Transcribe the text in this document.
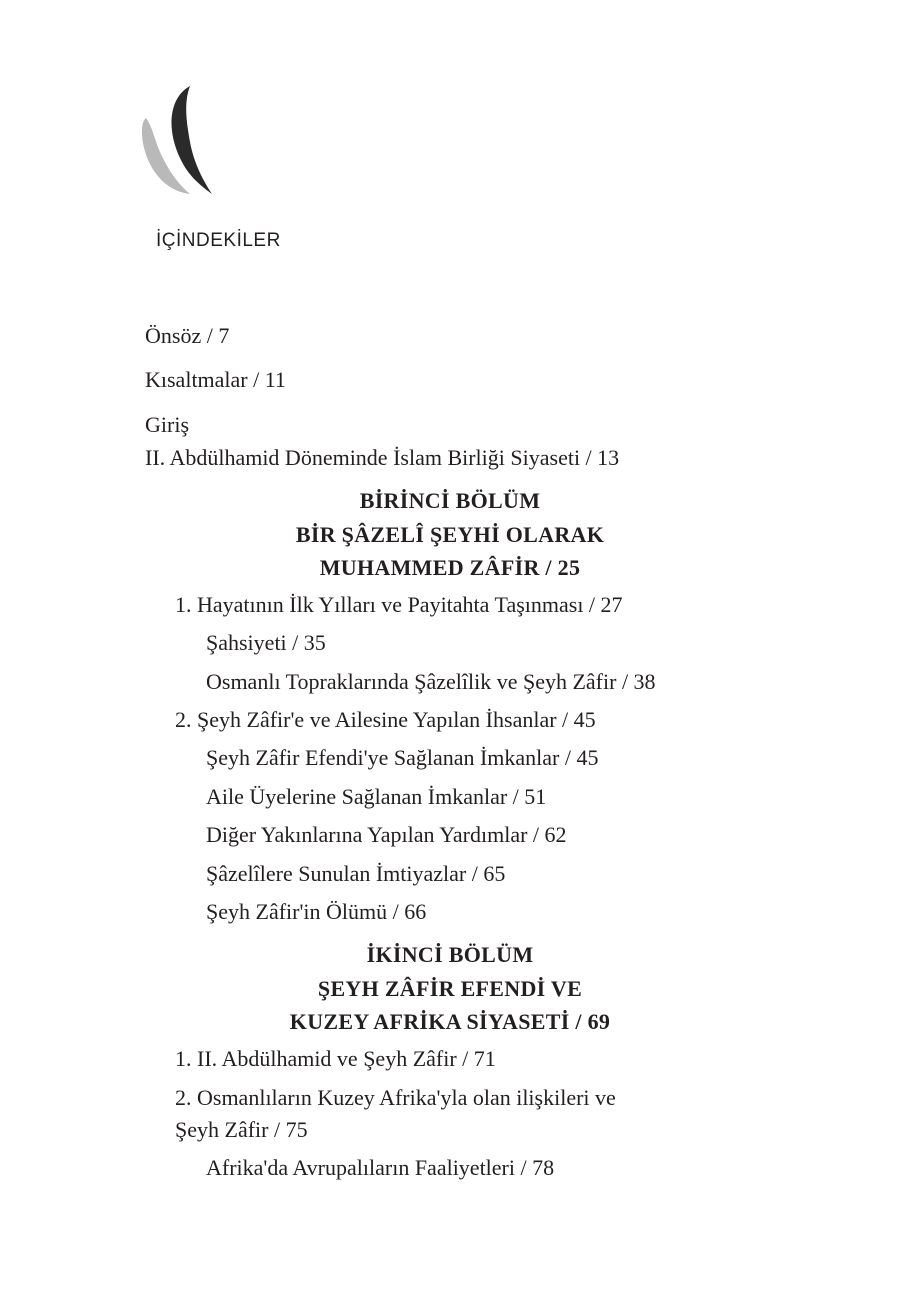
İÇİNDEKİLER
Önsöz / 7
Kısaltmalar / 11
Giriş
II. Abdülhamid Döneminde İslam Birliği Siyaseti / 13
BİRİNCİ BÖLÜM
BİR ŞÂZELÎ ŞEYHİ OLARAK
MUHAMMED ZÂFİR / 25
1. Hayatının İlk Yılları ve Payitahta Taşınması / 27
Şahsiyeti / 35
Osmanlı Topraklarında Şâzelîlik ve Şeyh Zâfir / 38
2. Şeyh Zâfir'e ve Ailesine Yapılan İhsanlar / 45
Şeyh Zâfir Efendi'ye Sağlanan İmkanlar / 45
Aile Üyelerine Sağlanan İmkanlar / 51
Diğer Yakınlarına Yapılan Yardımlar / 62
Şâzelîlere Sunulan İmtiyazlar / 65
Şeyh Zâfir'in Ölümü / 66
İKİNCİ BÖLÜM
ŞEYH ZÂFİR EFENDİ VE
KUZEY AFRİKA SİYASETİ / 69
1. II. Abdülhamid ve Şeyh Zâfir / 71
2. Osmanlıların Kuzey Afrika'yla olan ilişkileri ve
Şeyh Zâfir / 75
Afrika'da Avrupalıların Faaliyetleri / 78
